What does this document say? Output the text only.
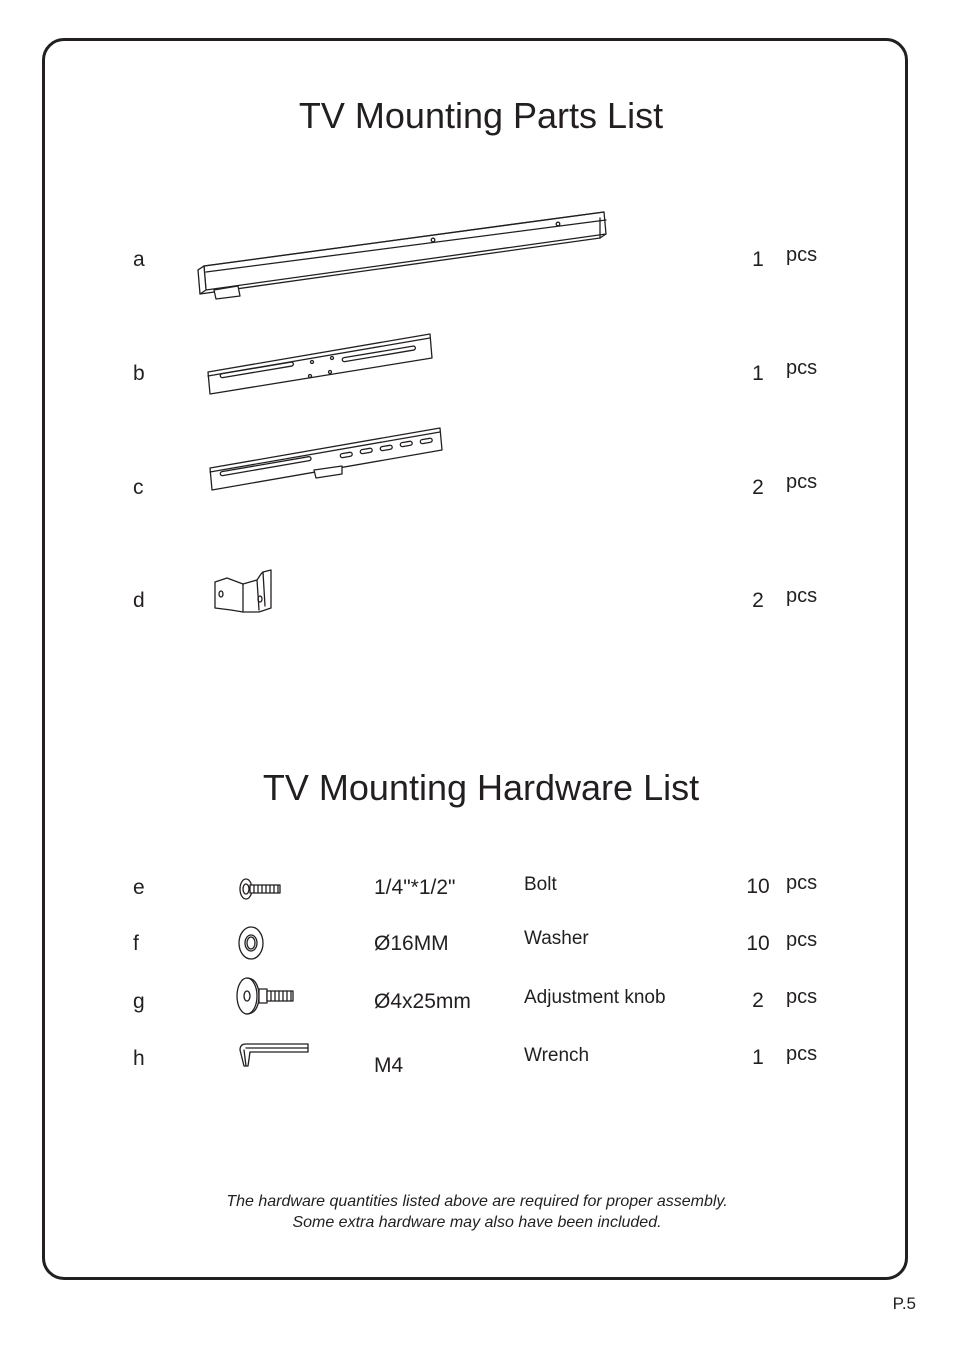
TV Mounting Parts List
a	1	pcs
b	1	pcs
c	2	pcs
d	2	pcs
TV Mounting Hardware List
e	1/4"*1/2"	Bolt	10 pcs
f	Ø16MM	Washer	10 pcs
g	Ø4x25mm	Adjustment knob	2	pcs
h	M4	Wrench	1	pcs
The hardware quantities listed above are required for proper assembly.
Some extra hardware may also have been included.
P.5
